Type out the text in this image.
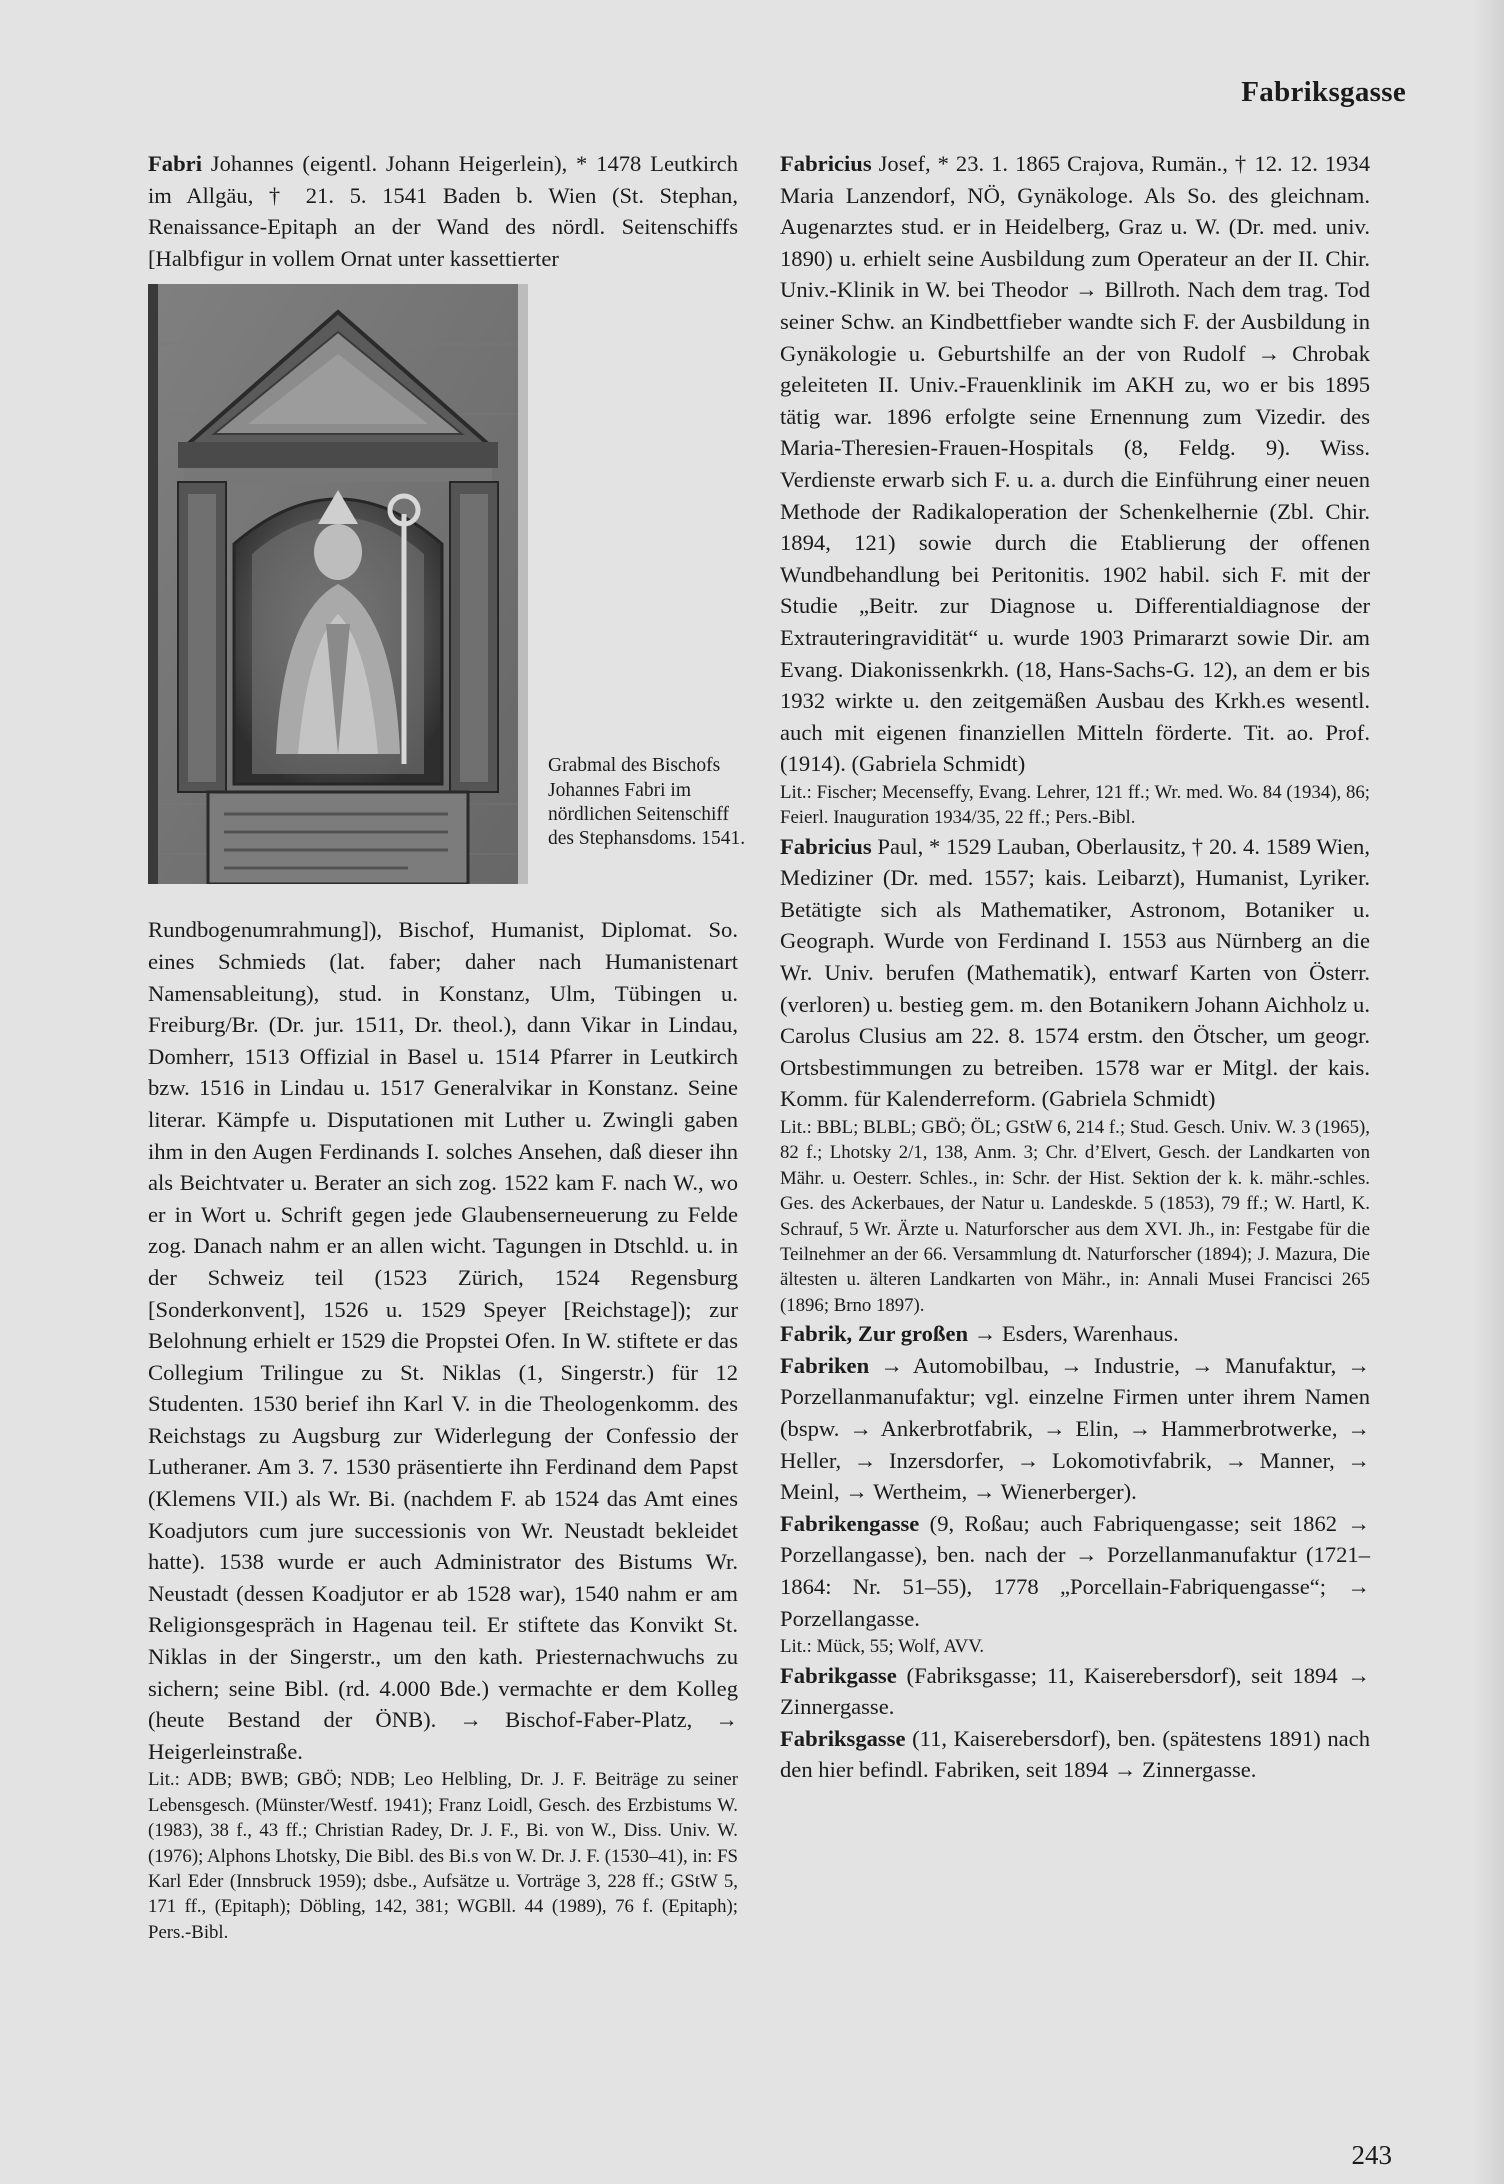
Fabriksgasse

Fabri Johannes (eigentl. Johann Heigerlein), * 1478 Leutkirch im Allgäu, † 21. 5. 1541 Baden b. Wien (St. Stephan, Renaissance-Epitaph an der Wand des nördl. Seitenschiffs [Halbfigur in vollem Ornat unter kassettierter

Grabmal des Bischofs Johannes Fabri im nördlichen Seitenschiff des Stephansdoms. 1541.

Rundbogenumrahmung]), Bischof, Humanist, Diplomat. So. eines Schmieds (lat. faber; daher nach Humanistenart Namensableitung), stud. in Konstanz, Ulm, Tübingen u. Freiburg/Br. (Dr. jur. 1511, Dr. theol.), dann Vikar in Lindau, Domherr, 1513 Offizial in Basel u. 1514 Pfarrer in Leutkirch bzw. 1516 in Lindau u. 1517 Generalvikar in Konstanz. Seine literar. Kämpfe u. Disputationen mit Luther u. Zwingli gaben ihm in den Augen Ferdinands I. solches Ansehen, daß dieser ihn als Beichtvater u. Berater an sich zog. 1522 kam F. nach W., wo er in Wort u. Schrift gegen jede Glaubenserneuerung zu Felde zog. Danach nahm er an allen wicht. Tagungen in Dtschld. u. in der Schweiz teil (1523 Zürich, 1524 Regensburg [Sonderkonvent], 1526 u. 1529 Speyer [Reichstage]); zur Belohnung erhielt er 1529 die Propstei Ofen. In W. stiftete er das Collegium Trilingue zu St. Niklas (1, Singerstr.) für 12 Studenten. 1530 berief ihn Karl V. in die Theologenkomm. des Reichstags zu Augsburg zur Widerlegung der Confessio der Lutheraner. Am 3. 7. 1530 präsentierte ihn Ferdinand dem Papst (Klemens VII.) als Wr. Bi. (nachdem F. ab 1524 das Amt eines Koadjutors cum jure successionis von Wr. Neustadt bekleidet hatte). 1538 wurde er auch Administrator des Bistums Wr. Neustadt (dessen Koadjutor er ab 1528 war), 1540 nahm er am Religionsgespräch in Hagenau teil. Er stiftete das Konvikt St. Niklas in der Singerstr., um den kath. Priesternachwuchs zu sichern; seine Bibl. (rd. 4.000 Bde.) vermachte er dem Kolleg (heute Bestand der ÖNB). → Bischof-Faber-Platz, → Heigerleinstraße.

Lit.: ADB; BWB; GBÖ; NDB; Leo Helbling, Dr. J. F. Beiträge zu seiner Lebensgesch. (Münster/Westf. 1941); Franz Loidl, Gesch. des Erzbistums W. (1983), 38 f., 43 ff.; Christian Radey, Dr. J. F., Bi. von W., Diss. Univ. W. (1976); Alphons Lhotsky, Die Bibl. des Bi.s von W. Dr. J. F. (1530–41), in: FS Karl Eder (Innsbruck 1959); dsbe., Aufsätze u. Vorträge 3, 228 ff.; GStW 5, 171 ff., (Epitaph); Döbling, 142, 381; WGBll. 44 (1989), 76 f. (Epitaph); Pers.-Bibl.

Fabricius Josef, * 23. 1. 1865 Crajova, Rumän., † 12. 12. 1934 Maria Lanzendorf, NÖ, Gynäkologe. Als So. des gleichnam. Augenarztes stud. er in Heidelberg, Graz u. W. (Dr. med. univ. 1890) u. erhielt seine Ausbildung zum Operateur an der II. Chir. Univ.-Klinik in W. bei Theodor → Billroth. Nach dem trag. Tod seiner Schw. an Kindbettfieber wandte sich F. der Ausbildung in Gynäkologie u. Geburtshilfe an der von Rudolf → Chrobak geleiteten II. Univ.-Frauenklinik im AKH zu, wo er bis 1895 tätig war. 1896 erfolgte seine Ernennung zum Vizedir. des Maria-Theresien-Frauen-Hospitals (8, Feldg. 9). Wiss. Verdienste erwarb sich F. u. a. durch die Einführung einer neuen Methode der Radikaloperation der Schenkelhernie (Zbl. Chir. 1894, 121) sowie durch die Etablierung der offenen Wundbehandlung bei Peritonitis. 1902 habil. sich F. mit der Studie „Beitr. zur Diagnose u. Differentialdiagnose der Extrauteringravidität“ u. wurde 1903 Primararzt sowie Dir. am Evang. Diakonissenkrkh. (18, Hans-Sachs-G. 12), an dem er bis 1932 wirkte u. den zeitgemäßen Ausbau des Krkh.es wesentl. auch mit eigenen finanziellen Mitteln förderte. Tit. ao. Prof. (1914). (Gabriela Schmidt)

Lit.: Fischer; Mecenseffy, Evang. Lehrer, 121 ff.; Wr. med. Wo. 84 (1934), 86; Feierl. Inauguration 1934/35, 22 ff.; Pers.-Bibl.

Fabricius Paul, * 1529 Lauban, Oberlausitz, † 20. 4. 1589 Wien, Mediziner (Dr. med. 1557; kais. Leibarzt), Humanist, Lyriker. Betätigte sich als Mathematiker, Astronom, Botaniker u. Geograph. Wurde von Ferdinand I. 1553 aus Nürnberg an die Wr. Univ. berufen (Mathematik), entwarf Karten von Österr. (verloren) u. bestieg gem. m. den Botanikern Johann Aichholz u. Carolus Clusius am 22. 8. 1574 erstm. den Ötscher, um geogr. Ortsbestimmungen zu betreiben. 1578 war er Mitgl. der kais. Komm. für Kalenderreform. (Gabriela Schmidt)

Lit.: BBL; BLBL; GBÖ; ÖL; GStW 6, 214 f.; Stud. Gesch. Univ. W. 3 (1965), 82 f.; Lhotsky 2/1, 138, Anm. 3; Chr. d’Elvert, Gesch. der Landkarten von Mähr. u. Oesterr. Schles., in: Schr. der Hist. Sektion der k. k. mähr.-schles. Ges. des Ackerbaues, der Natur u. Landeskde. 5 (1853), 79 ff.; W. Hartl, K. Schrauf, 5 Wr. Ärzte u. Naturforscher aus dem XVI. Jh., in: Festgabe für die Teilnehmer an der 66. Versammlung dt. Naturforscher (1894); J. Mazura, Die ältesten u. älteren Landkarten von Mähr., in: Annali Musei Francisci 265 (1896; Brno 1897).

Fabrik, Zur großen → Esders, Warenhaus.

Fabriken → Automobilbau, → Industrie, → Manufaktur, → Porzellanmanufaktur; vgl. einzelne Firmen unter ihrem Namen (bspw. → Ankerbrotfabrik, → Elin, → Hammerbrotwerke, → Heller, → Inzersdorfer, → Lokomotivfabrik, → Manner, → Meinl, → Wertheim, → Wienerberger).

Fabrikengasse (9, Roßau; auch Fabriquengasse; seit 1862 → Porzellangasse), ben. nach der → Porzellanmanufaktur (1721–1864: Nr. 51–55), 1778 „Porcellain-Fabriquengasse“; → Porzellangasse.

Lit.: Mück, 55; Wolf, AVV.

Fabrikgasse (Fabriksgasse; 11, Kaiserebersdorf), seit 1894 → Zinnergasse.

Fabriksgasse (11, Kaiserebersdorf), ben. (spätestens 1891) nach den hier befindl. Fabriken, seit 1894 → Zinnergasse.

243
